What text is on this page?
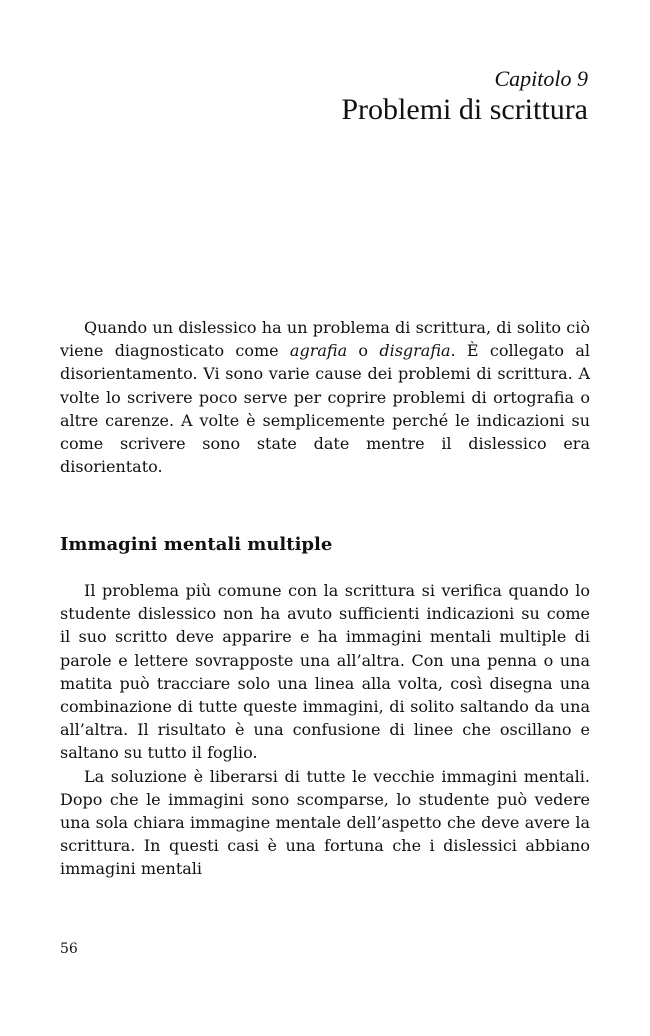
Capitolo 9
Problemi di scrittura

Quando un dislessico ha un problema di scrittura, di solito ciò viene diagnosticato come agrafia o disgrafia. È collegato al disorientamento. Vi sono varie cause dei problemi di scrittura. A volte lo scrivere poco serve per coprire problemi di ortografia o altre carenze. A volte è semplicemente perché le indicazioni su come scrivere sono state date mentre il dislessico era disorientato.

Immagini mentali multiple

Il problema più comune con la scrittura si verifica quando lo studente dislessico non ha avuto sufficienti indicazioni su come il suo scritto deve apparire e ha immagini mentali multiple di parole e lettere sovrapposte una all’altra. Con una penna o una matita può tracciare solo una linea alla volta, così disegna una combinazione di tutte queste immagini, di solito saltando da una all’altra. Il risultato è una confusione di linee che oscillano e saltano su tutto il foglio.

La soluzione è liberarsi di tutte le vecchie immagini mentali. Dopo che le immagini sono scomparse, lo studente può vedere una sola chiara immagine mentale dell’aspetto che deve avere la scrittura. In questi casi è una fortuna che i dislessici abbiano immagini mentali

56
